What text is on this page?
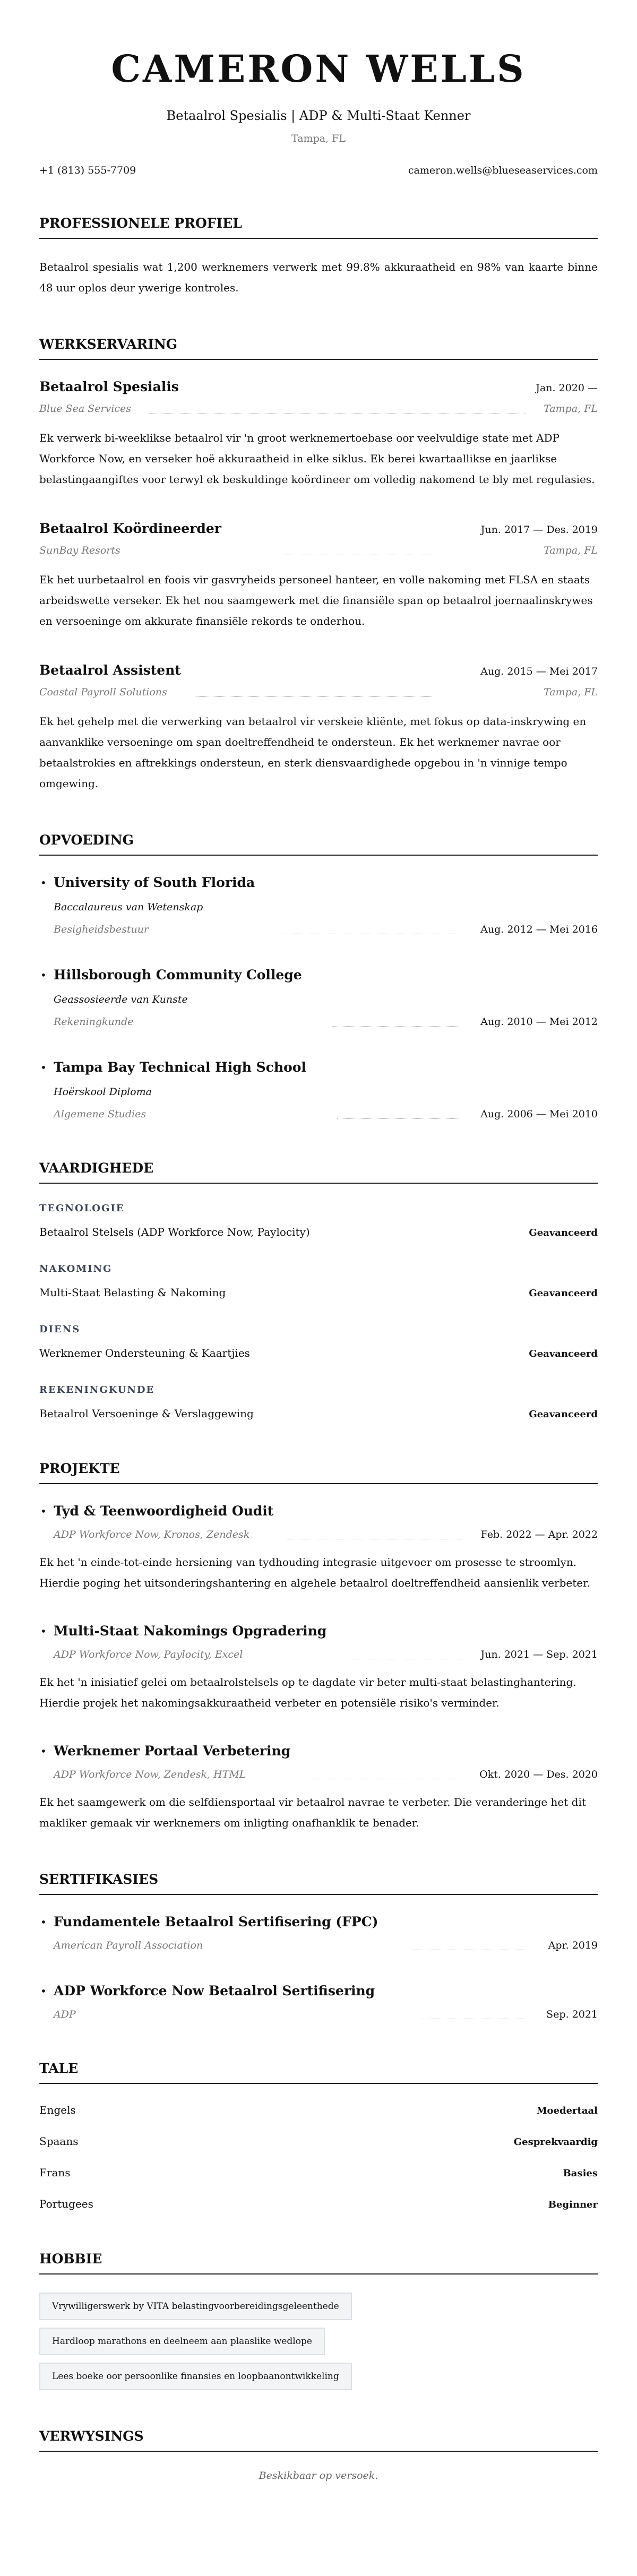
CAMERON WELLS
Betaalrol Spesialis | ADP & Multi-Staat Kenner
Tampa, FL
+1 (813) 555-7709	cameron.wells@blueseaservices.com
PROFESSIONELE PROFIEL

Betaalrol spesialis wat 1,200 werknemers verwerk met 99.8% akkuraatheid en 98% van kaarte binne 48 uur oplos deur ywerige kontroles.

WERKSERVARING
Betaalrol Spesialis	Jan. 2020 —
Blue Sea Services	Tampa, FL

Ek verwerk bi-weeklikse betaalrol vir 'n groot werknemertoebase oor veelvuldige state met ADP Workforce Now, en verseker hoë akkuraatheid in elke siklus. Ek berei kwartaallikse en jaarlikse belastingaangiftes voor terwyl ek beskuldinge koördineer om volledig nakomend te bly met regulasies.

Betaalrol Koördineerder	Jun. 2017 — Des. 2019
SunBay Resorts	Tampa, FL

Ek het uurbetaalrol en foois vir gasvryheids personeel hanteer, en volle nakoming met FLSA en staats arbeidswette verseker. Ek het nou saamgewerk met die finansiële span op betaalrol joernaalinskrywes en versoeninge om akkurate finansiële rekords te onderhou.

Betaalrol Assistent	Aug. 2015 — Mei 2017
Coastal Payroll Solutions	Tampa, FL

Ek het gehelp met die verwerking van betaalrol vir verskeie kliënte, met fokus op data-inskrywing en aanvanklike versoeninge om span doeltreffendheid te ondersteun. Ek het werknemer navrae oor betaalstrokies en aftrekkings ondersteun, en sterk diensvaardighede opgebou in 'n vinnige tempo omgewing.

OPVOEDING
• University of South Florida
Baccalaureus van Wetenskap
Besigheidsbestuur	Aug. 2012 — Mei 2016
• Hillsborough Community College
Geassosieerde van Kunste
Rekeningkunde	Aug. 2010 — Mei 2012
• Tampa Bay Technical High School
Hoërskool Diploma
Algemene Studies	Aug. 2006 — Mei 2010
VAARDIGHEDE
TEGNOLOGIE
Betaalrol Stelsels (ADP Workforce Now, Paylocity)	Geavanceerd
NAKOMING
Multi-Staat Belasting & Nakoming	Geavanceerd
DIENS
Werknemer Ondersteuning & Kaartjies	Geavanceerd
REKENINGKUNDE
Betaalrol Versoeninge & Verslaggewing	Geavanceerd
PROJEKTE
• Tyd & Teenwoordigheid Oudit
ADP Workforce Now, Kronos, Zendesk	Feb. 2022 — Apr. 2022

Ek het 'n einde-tot-einde hersiening van tydhouding integrasie uitgevoer om prosesse te stroomlyn. Hierdie poging het uitsonderingshantering en algehele betaalrol doeltreffendheid aansienlik verbeter.

• Multi-Staat Nakomings Opgradering
ADP Workforce Now, Paylocity, Excel	Jun. 2021 — Sep. 2021

Ek het 'n inisiatief gelei om betaalrolstelsels op te dagdate vir beter multi-staat belastinghantering. Hierdie projek het nakomingsakkuraatheid verbeter en potensiële risiko's verminder.

• Werknemer Portaal Verbetering
ADP Workforce Now, Zendesk, HTML	Okt. 2020 — Des. 2020

Ek het saamgewerk om die selfdiensportaal vir betaalrol navrae te verbeter. Die veranderinge het dit makliker gemaak vir werknemers om inligting onafhanklik te benader.

SERTIFIKASIES
• Fundamentele Betaalrol Sertifisering (FPC)
American Payroll Association	Apr. 2019
• ADP Workforce Now Betaalrol Sertifisering
ADP	Sep. 2021
TALE
Engels	Moedertaal
Spaans	Gesprekvaardig
Frans	Basies
Portugees	Beginner
HOBBIE
Vrywilligerswerk by VITA belastingvoorbereidingsgeleenthede
Hardloop marathons en deelneem aan plaaslike wedlope
Lees boeke oor persoonlike finansies en loopbaanontwikkeling
VERWYSINGS

Beskikbaar op versoek.
